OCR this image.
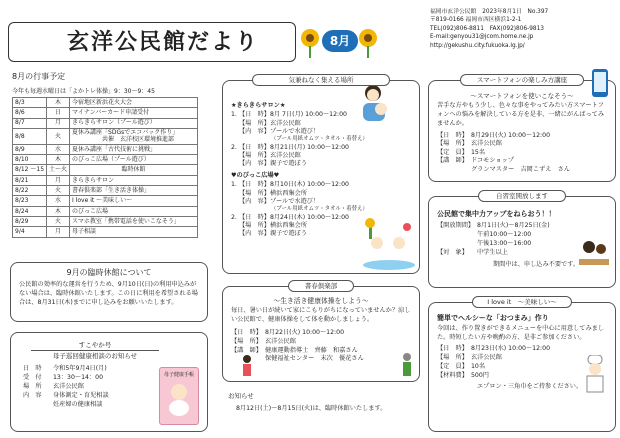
玄洋公民館だより	8月
福岡市玄洋公民館　 2023年8月1日　 No.397
〒819-0166 福岡市西区横浜1-2-1
TEL(092)806-8811　FAX(092)806-9813
E-mail:genyou31@jcom.home.ne.jp
http://gekushu.city.fukuoka.lg.jp/
8月の行事予定
今年も毎週水曜日は「よかトレ体操」9：30～9：45
8/3	木	今宿地区新浜花火大会

8/6	日	マイナンバーカード申請受付

8/7	月	きらきらサロン（プール遊び）

8/8	火	夏休み講座「SDGsでエコバック作り」
共催　玄洋校区環境推進部

8/9	水	夏休み講座「古代技術に挑戦」

8/10	木	のびっこ広場（プール遊び）

8/12 ～15	土～火	臨時休館

8/21	月	きらきらサロン

8/22	火	書春倶楽部「生き活き体操」

8/23	水	I love it ～美味しい～

8/24	木	のびっこ広場

8/29	火	スマホ教室「携帯電話を使いこなそう」

9/4	月	母子相談
9月の臨時休館について
公民館の効率的な運営を行うため、9月10日(日)の利用申込みがない場合は、臨時休館いたします。この日に利用を希望される場合は、8月31日(木)までに申し込みをお願いいたします。
すこやか号
母子巡回健康相談のお知らせ
日　時	令和5年9月4日(月)
受　付	13：30～14：00
場　所	玄洋公民館
内　容	身体測定・育児相談
妊産婦の健康相談
母子健康手帳
★きらきらサロン★
1. 【日　時】 8月 7日(月) 10:00～12:00
【場　所】玄洋公民館
【内　容】プールで水遊び！
（プール用紙オムツ・タオル・着替え）
2. 【日　時】 8月21日(月) 10:00～12:00
【場　所】玄洋公民館
【内　容】親子で遊ぼう
♥のびっこ広場♥
1. 【日　時】 8月10日(木) 10:00～12:00
【場　所】横浜西集会所
【内　容】プールで水遊び！
（プール用紙オムツ・タオル・着替え）
2. 【日　時】 8月24日(木) 10:00～12:00
【場　所】横浜西集会所
【内　容】親子で遊ぼう
気兼ねなく集える場所
～生き活き健康体操をしよう～
毎日、暑い日が続いて家にこもりがちになっていませんか？涼しい公民館で、健康体操をして体を動かしましょう。
【日　時】 8月22日(火) 10:00～12:00
【場　所】 玄洋公民館
【講　師】 健康運動指導士　齊藤　和嘉さん
保健福祉センター　末次　優花さん
書春倶楽部
お知らせ
8月12日(土)～8月15日(火)は、臨時休館いたします。
～スマートフォンを使いこなそう～
苦手な方やもう少し、色々な事をやってみたい方スマートフォンへの悩みを解決している方を是非、一緒にがんばってみませんか。
【日　時】 8月29日(火) 10:00～12:00
【場　所】 玄洋公民館
【定　員】 15名
【講　師】 ドコモショップ
グランマスター　吉岡こずえ　さん
スマートフォンの楽しみ方講座
公民館で集中力アップをねらおう！！
【開放期間】 8月1日(火)～8月25日(金)
午前10:00～12:00
午後13:00～16:00
【対　象】	中学生以上
期間中は、申し込み不要です。
自習室開放します
簡単でヘルシーな「おつまみ」作り
今回は、作り置きができるメニューを中心に用意してみました。時短したい方や晩酌の方、是非ご参加ください。
【日　時】 8月23日(水) 10:00～12:00
【場　所】 玄洋公民館
【定　員】 10名
【材料費】 500円
エプロン・三角巾をご持参ください。
I love it　～美味しい～
